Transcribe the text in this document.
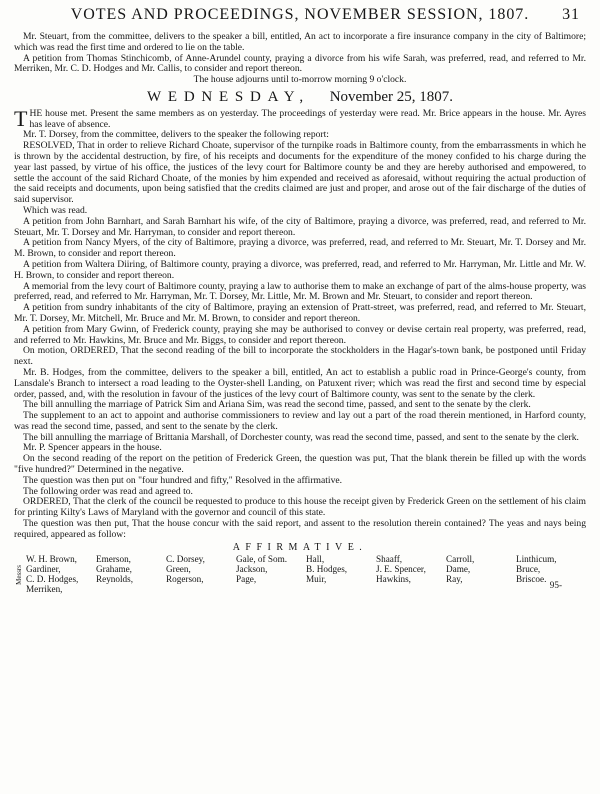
VOTES AND PROCEEDINGS, NOVEMBER SESSION, 1807. 31

Mr. Steuart, from the committee, delivers to the speaker a bill, entitled, An act to incorporate a fire insurance company in the city of Baltimore; which was read the first time and ordered to lie on the table.

A petition from Thomas Stinchicomb, of Anne-Arundel county, praying a divorce from his wife Sarah, was preferred, read, and referred to Mr. Merriken, Mr. C. D. Hodges and Mr. Callis, to consider and report thereon.

The house adjourns until to-morrow morning 9 o'clock.

WEDNESDAY, November 25, 1807.

THE house met. Present the same members as on yesterday. The proceedings of yesterday were read. Mr. Brice appears in the house. Mr. Ayres has leave of absence.

Mr. T. Dorsey, from the committee, delivers to the speaker the following report:

RESOLVED, That in order to relieve Richard Choate, supervisor of the turnpike roads in Baltimore county, from the embarrassments in which he is thrown by the accidental destruction, by fire, of his receipts and documents for the expenditure of the money confided to his charge during the year last passed, by virtue of his office, the justices of the levy court for Baltimore county be and they are hereby authorised and empowered, to settle the account of the said Richard Choate, of the monies by him expended and received as aforesaid, without requiring the actual production of the said receipts and documents, upon being satisfied that the credits claimed are just and proper, and arose out of the fair discharge of the duties of said supervisor.

Which was read.

A petition from John Barnhart, and Sarah Barnhart his wife, of the city of Baltimore, praying a divorce, was preferred, read, and referred to Mr. Steuart, Mr. T. Dorsey and Mr. Harryman, to consider and report thereon.

A petition from Nancy Myers, of the city of Baltimore, praying a divorce, was preferred, read, and referred to Mr. Steuart, Mr. T. Dorsey and Mr. M. Brown, to consider and report thereon.

A petition from Waltera Diiring, of Baltimore county, praying a divorce, was preferred, read, and referred to Mr. Harryman, Mr. Little and Mr. W. H. Brown, to consider and report thereon.

A memorial from the levy court of Baltimore county, praying a law to authorise them to make an exchange of part of the alms-house property, was preferred, read, and referred to Mr. Harryman, Mr. T. Dorsey, Mr. Little, Mr. M. Brown and Mr. Steuart, to consider and report thereon.

A petition from sundry inhabitants of the city of Baltimore, praying an extension of Pratt-street, was preferred, read, and referred to Mr. Steuart, Mr. T. Dorsey, Mr. Mitchell, Mr. Bruce and Mr. M. Brown, to consider and report thereon.

A petition from Mary Gwinn, of Frederick county, praying she may be authorised to convey or devise certain real property, was preferred, read, and referred to Mr. Hawkins, Mr. Bruce and Mr. Biggs, to consider and report thereon.

On motion, ORDERED, That the second reading of the bill to incorporate the stockholders in the Hagar's-town bank, be postponed until Friday next.

Mr. B. Hodges, from the committee, delivers to the speaker a bill, entitled, An act to establish a public road in Prince-George's county, from Lansdale's Branch to intersect a road leading to the Oyster-shell Landing, on Patuxent river; which was read the first and second time by especial order, passed, and, with the resolution in favour of the justices of the levy court of Baltimore county, was sent to the senate by the clerk.

The bill annulling the marriage of Patrick Sim and Ariana Sim, was read the second time, passed, and sent to the senate by the clerk.

The supplement to an act to appoint and authorise commissioners to review and lay out a part of the road therein mentioned, in Harford county, was read the second time, passed, and sent to the senate by the clerk.

The bill annulling the marriage of Brittania Marshall, of Dorchester county, was read the second time, passed, and sent to the senate by the clerk.

Mr. P. Spencer appears in the house.

On the second reading of the report on the petition of Frederick Green, the question was put, That the blank therein be filled up with the words "five hundred?" Determined in the negative.

The question was then put on "four hundred and fifty," Resolved in the affirmative.

The following order was read and agreed to.

ORDERED, That the clerk of the council be requested to produce to this house the receipt given by Frederick Green on the settlement of his claim for printing Kilty's Laws of Maryland with the governor and council of this state.

The question was then put, That the house concur with the said report, and assent to the resolution therein contained? The yeas and nays being required, appeared as follow:

AFFIRMATIVE.
Messrs
W. H. Brown,
Gardiner,
C. D. Hodges,
Merriken,
Emerson,
Grahame,
Reynolds,
C. Dorsey,
Green,
Rogerson,
Gale, of Som.
Jackson,
Page,
Hall,
B. Hodges,
Muir,
Shaaff,
J. E. Spencer,
Hawkins,
Carroll,
Dame,
Ray,
Linthicum,
Bruce,
Briscoe.
95-
